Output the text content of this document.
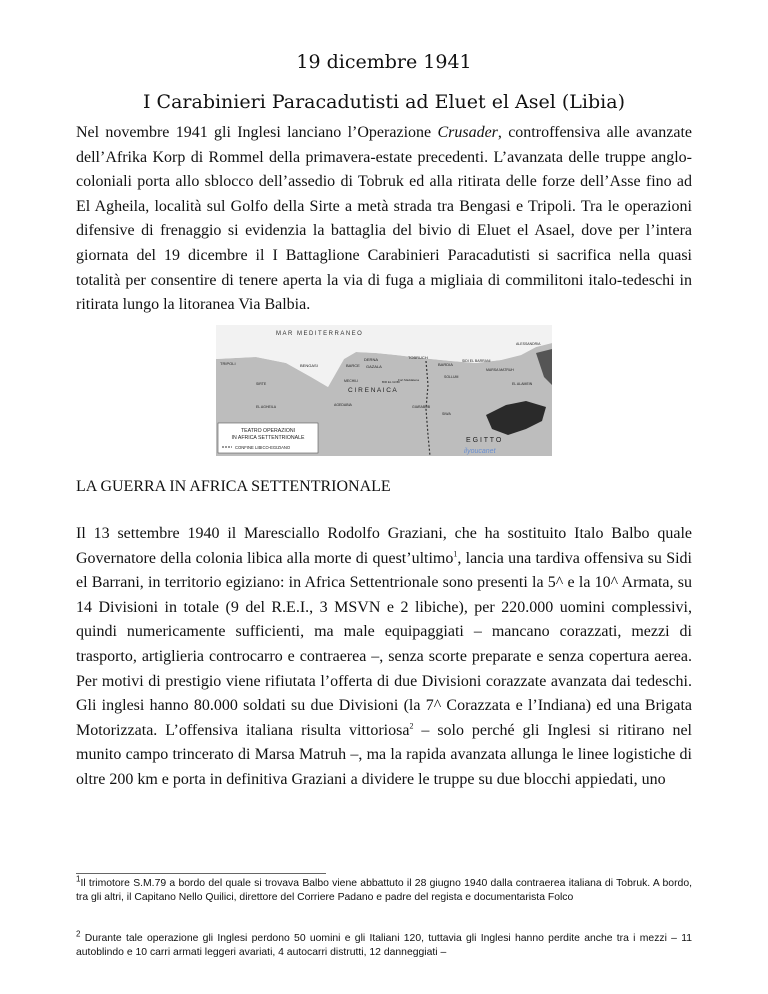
19 dicembre 1941
I Carabinieri Paracadutisti ad Eluet el Asel (Libia)
Nel novembre 1941 gli Inglesi lanciano l’Operazione Crusader, controffensiva alle avanzate dell’Afrika Korp di Rommel della primavera-estate precedenti. L’avanzata delle truppe anglo-coloniali porta allo sblocco dell’assedio di Tobruk ed alla ritirata delle forze dell’Asse fino ad El Agheila, località sul Golfo della Sirte a metà strada tra Bengasi e Tripoli. Tra le operazioni difensive di frenaggio si evidenzia la battaglia del bivio di Eluet el Asael, dove per l’intera giornata del 19 dicembre il I Battaglione Carabinieri Paracadutisti si sacrifica nella quasi totalità per consentire di tenere aperta la via di fuga a migliaia di commilitoni italo-tedeschi in ritirata lungo la litoranea Via Balbia.
TEATRO OPERAZIONI
IN AFRICA SETTENTRIONALE
CONFINE LIBICO-EGIZIANO
MAR MEDITERRANEO
C I R E N A I C A
E G I T T O
TRIPOLI	BENGASI
DERNA
BARCE GAZALA
TOBRUCH
BARDIA
SIDI EL BARRANI
ALESSANDRIA
MARSA MATRUH
SOLLUM
EL ALAMEIN
MECHILI
AGEDABIA
SIRTE
EL AGHEILA	GIARABUB
SIWA
BIR EL GOBI
Fort Maddalena
ilyoucanet
LA GUERRA IN AFRICA SETTENTRIONALE
Il 13 settembre 1940 il Maresciallo Rodolfo Graziani, che ha sostituito Italo Balbo quale Governatore della colonia libica alla morte di quest’ultimo$^1$, lancia una tardiva offensiva su Sidi el Barrani, in territorio egiziano: in Africa Settentrionale sono presenti la 5^ e la 10^ Armata, su 14 Divisioni in totale (9 del R.E.I., 3 MSVN e 2 libiche), per 220.000 uomini complessivi, quindi numericamente sufficienti, ma male equipaggiati – mancano corazzati, mezzi di trasporto, artiglieria controcarro e contraerea –, senza scorte preparate e senza copertura aerea. Per motivi di prestigio viene rifiutata l’offerta di due Divisioni corazzate avanzata dai tedeschi. Gli inglesi hanno 80.000 soldati su due Divisioni (la 7^ Corazzata e l’Indiana) ed una Brigata Motorizzata. L’offensiva italiana risulta vittoriosa$^2$ – solo perché gli Inglesi si ritirano nel munito campo trincerato di Marsa Matruh –, ma la rapida avanzata allunga le linee logistiche di oltre 200 km e porta in definitiva Graziani a dividere le truppe su due blocchi appiedati, uno
$^1$Il trimotore S.M.79 a bordo del quale si trovava Balbo viene abbattuto il 28 giugno 1940 dalla contraerea italiana di Tobruk. A bordo, tra gli altri, il Capitano Nello Quilici, direttore del Corriere Padano e padre del regista e documentarista Folco
$^2$ Durante tale operazione gli Inglesi perdono 50 uomini e gli Italiani 120, tuttavia gli Inglesi hanno perdite anche tra i mezzi – 11 autoblindo e 10 carri armati leggeri avariati, 4 autocarri distrutti, 12 danneggiati –
